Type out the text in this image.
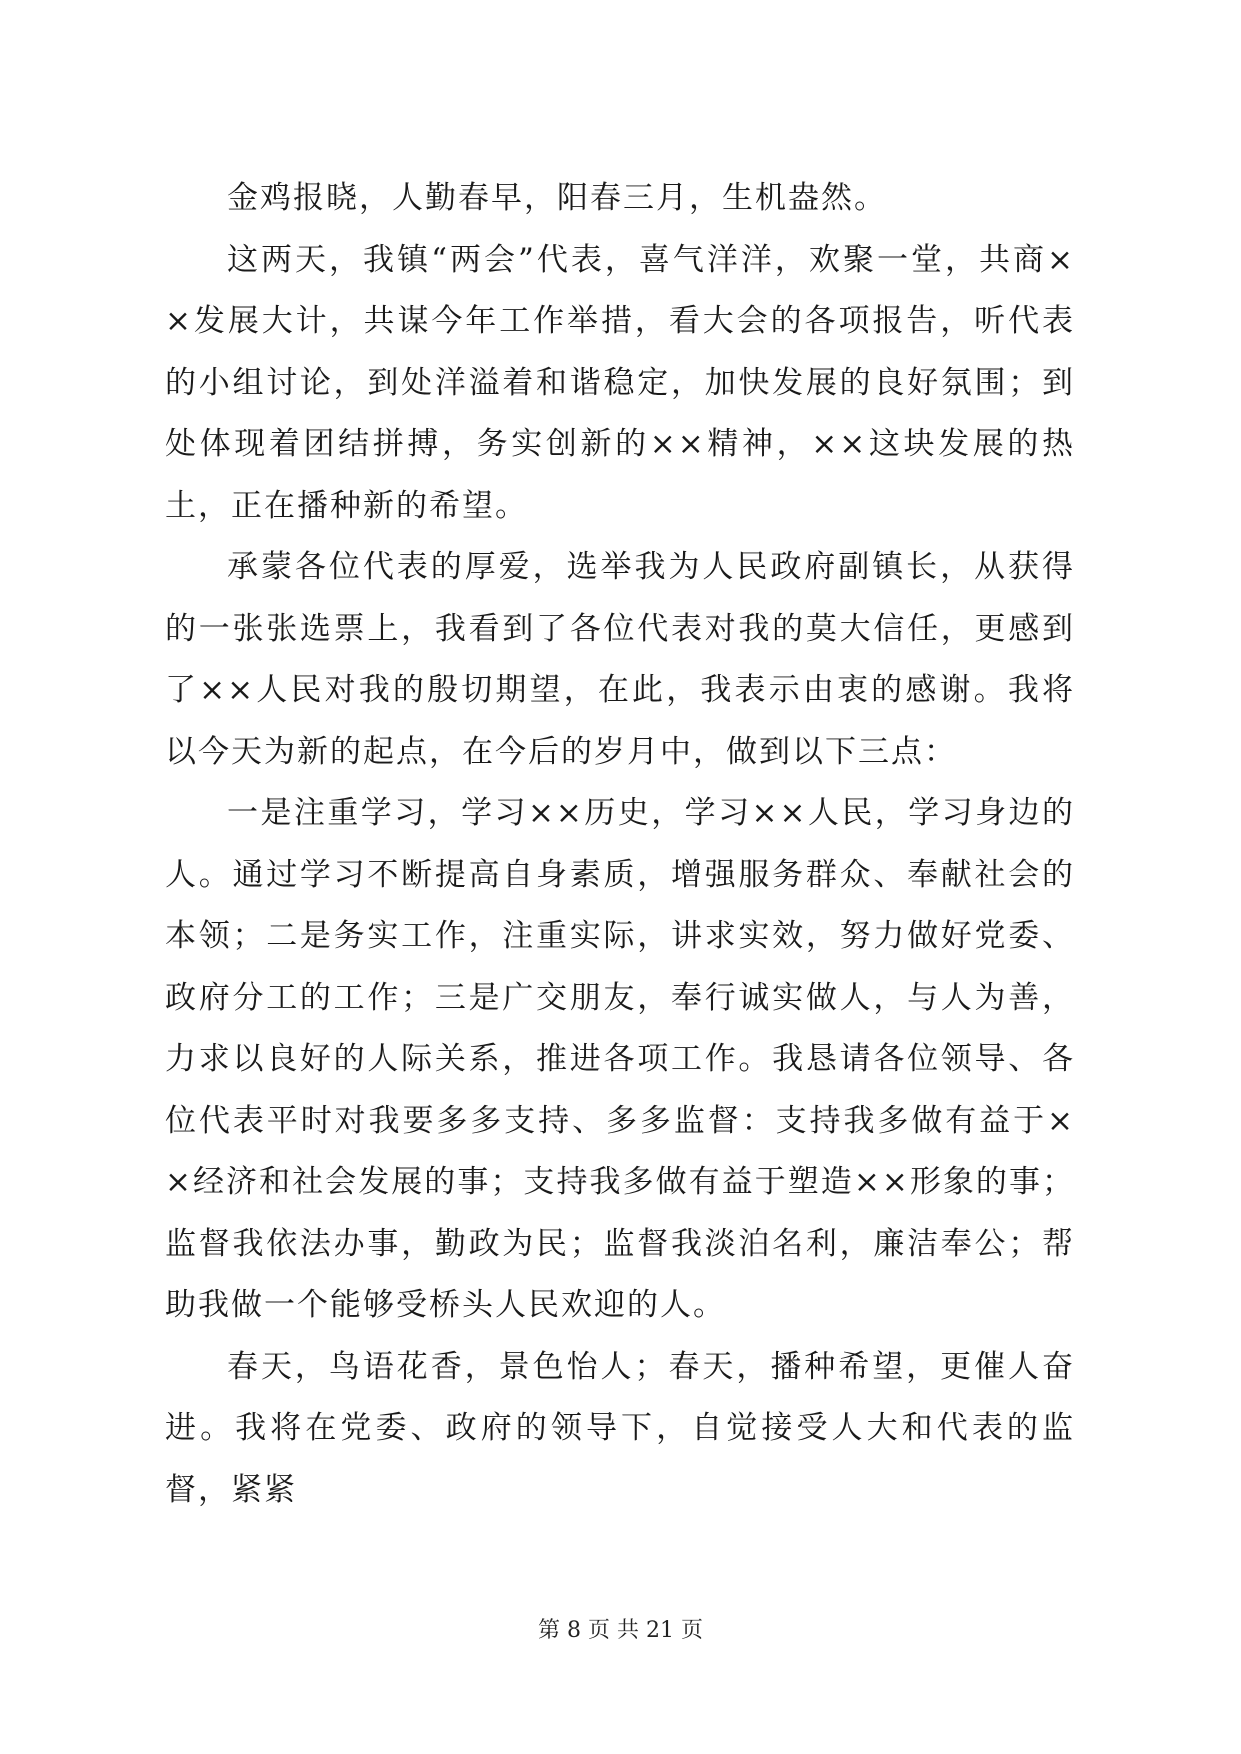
金鸡报晓，人勤春早，阳春三月，生机盎然。

这两天，我镇“两会”代表，喜气洋洋，欢聚一堂，共商××发展大计，共谋今年工作举措，看大会的各项报告，听代表的小组讨论，到处洋溢着和谐稳定，加快发展的良好氛围；到处体现着团结拼搏，务实创新的××精神，××这块发展的热土，正在播种新的希望。

承蒙各位代表的厚爱，选举我为人民政府副镇长，从获得的一张张选票上，我看到了各位代表对我的莫大信任，更感到了××人民对我的殷切期望，在此，我表示由衷的感谢。我将以今天为新的起点，在今后的岁月中，做到以下三点：

一是注重学习，学习××历史，学习××人民，学习身边的人。通过学习不断提高自身素质，增强服务群众、奉献社会的本领；二是务实工作，注重实际，讲求实效，努力做好党委、政府分工的工作；三是广交朋友，奉行诚实做人，与人为善，力求以良好的人际关系，推进各项工作。我恳请各位领导、各位代表平时对我要多多支持、多多监督：支持我多做有益于××经济和社会发展的事；支持我多做有益于塑造××形象的事；监督我依法办事，勤政为民；监督我淡泊名利，廉洁奉公；帮助我做一个能够受桥头人民欢迎的人。

春天，鸟语花香，景色怡人；春天，播种希望，更催人奋进。我将在党委、政府的领导下，自觉接受人大和代表的监督，紧紧

第 8 页 共 21 页
